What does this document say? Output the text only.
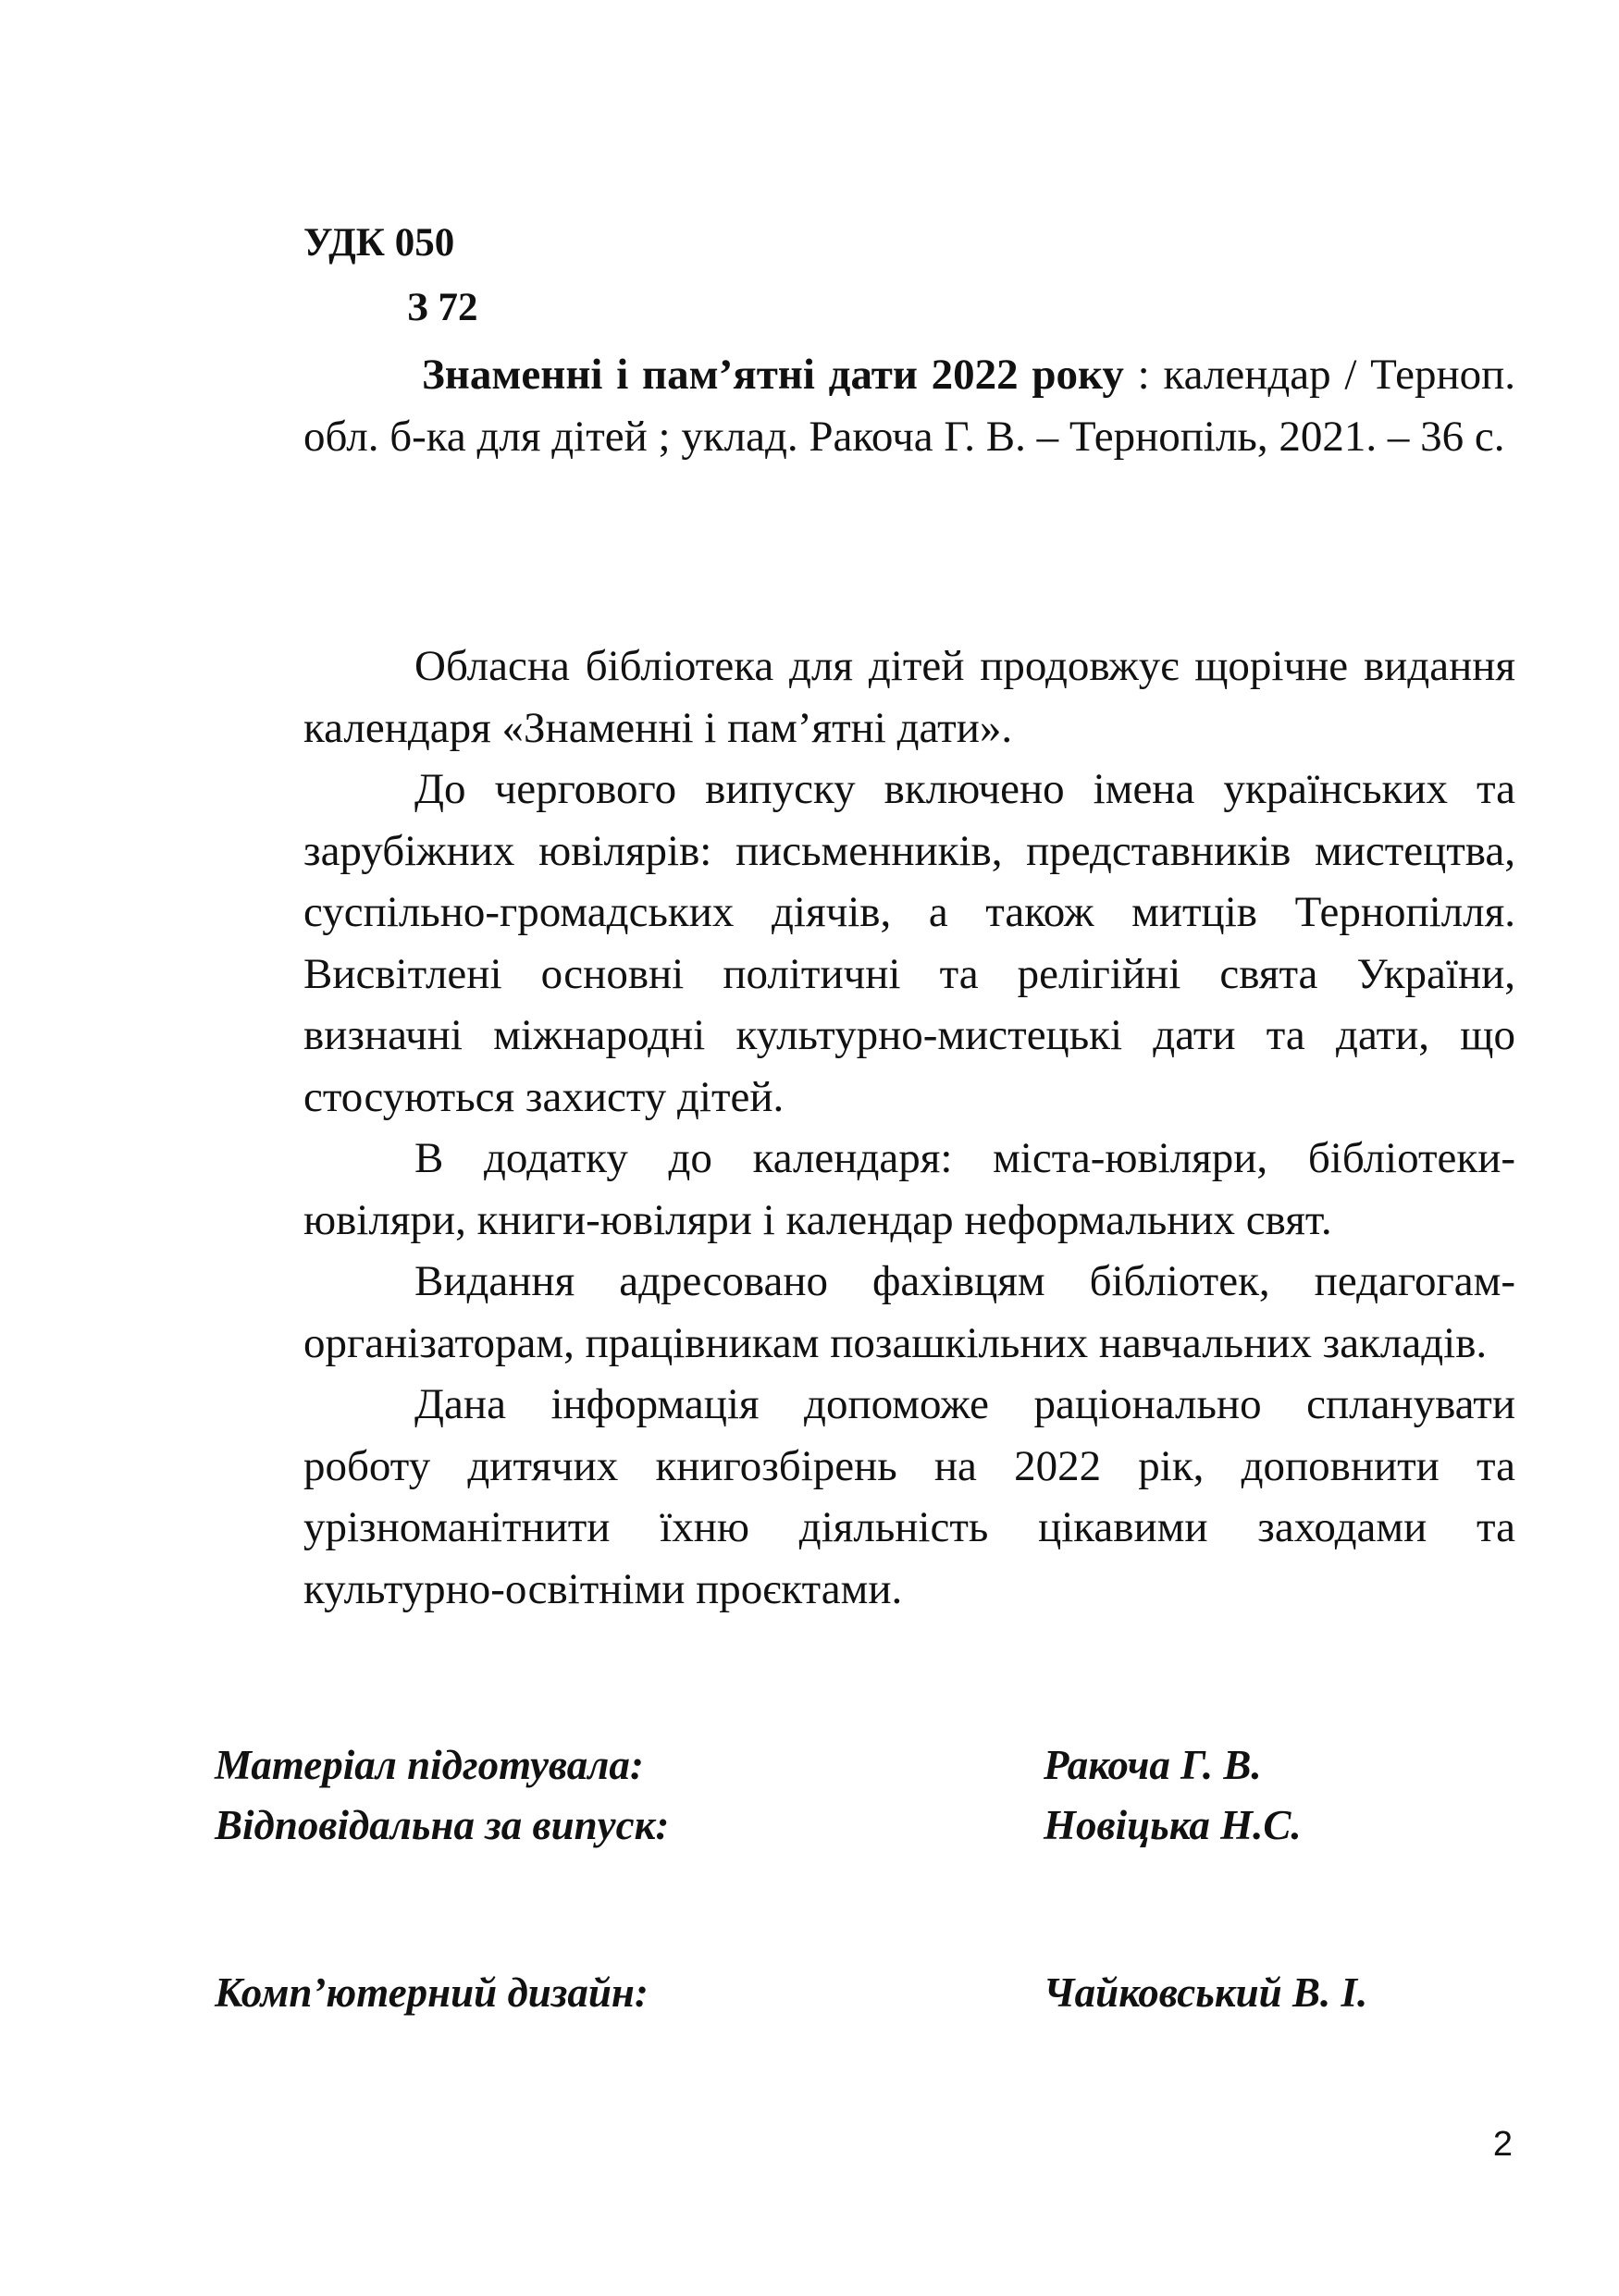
УДК 050
З 72
Знаменні і пам’ятні дати 2022 року : календар / Терноп. обл. б-ка для дітей ; уклад. Ракоча Г. В. – Тернопіль, 2021. – 36 с.

Обласна бібліотека для дітей продовжує щорічне видання календаря «Знаменні і пам’ятні дати».

До чергового випуску включено імена українських та зарубіжних ювілярів: письменників, представників мистецтва, суспільно-громадських діячів, а також митців Тернопілля. Висвітлені основні політичні та релігійні свята України, визначні міжнародні культурно-мистецькі дати та дати, що стосуються захисту дітей.

В додатку до календаря: міста-ювіляри, бібліотеки-ювіляри, книги-ювіляри і календар неформальних свят.

Видання адресовано фахівцям бібліотек, педагогам-організаторам, працівникам позашкільних навчальних закладів.

Дана інформація допоможе раціонально спланувати роботу дитячих книгозбірень на 2022 рік, доповнити та урізноманітнити їхню діяльність цікавими заходами та культурно-освітніми проєктами.

Матеріал підготувала:	Ракоча Г. В.
Відповідальна за випуск:	Новіцька Н.С.
Комп’ютерний дизайн:	Чайковський В. І.
2
